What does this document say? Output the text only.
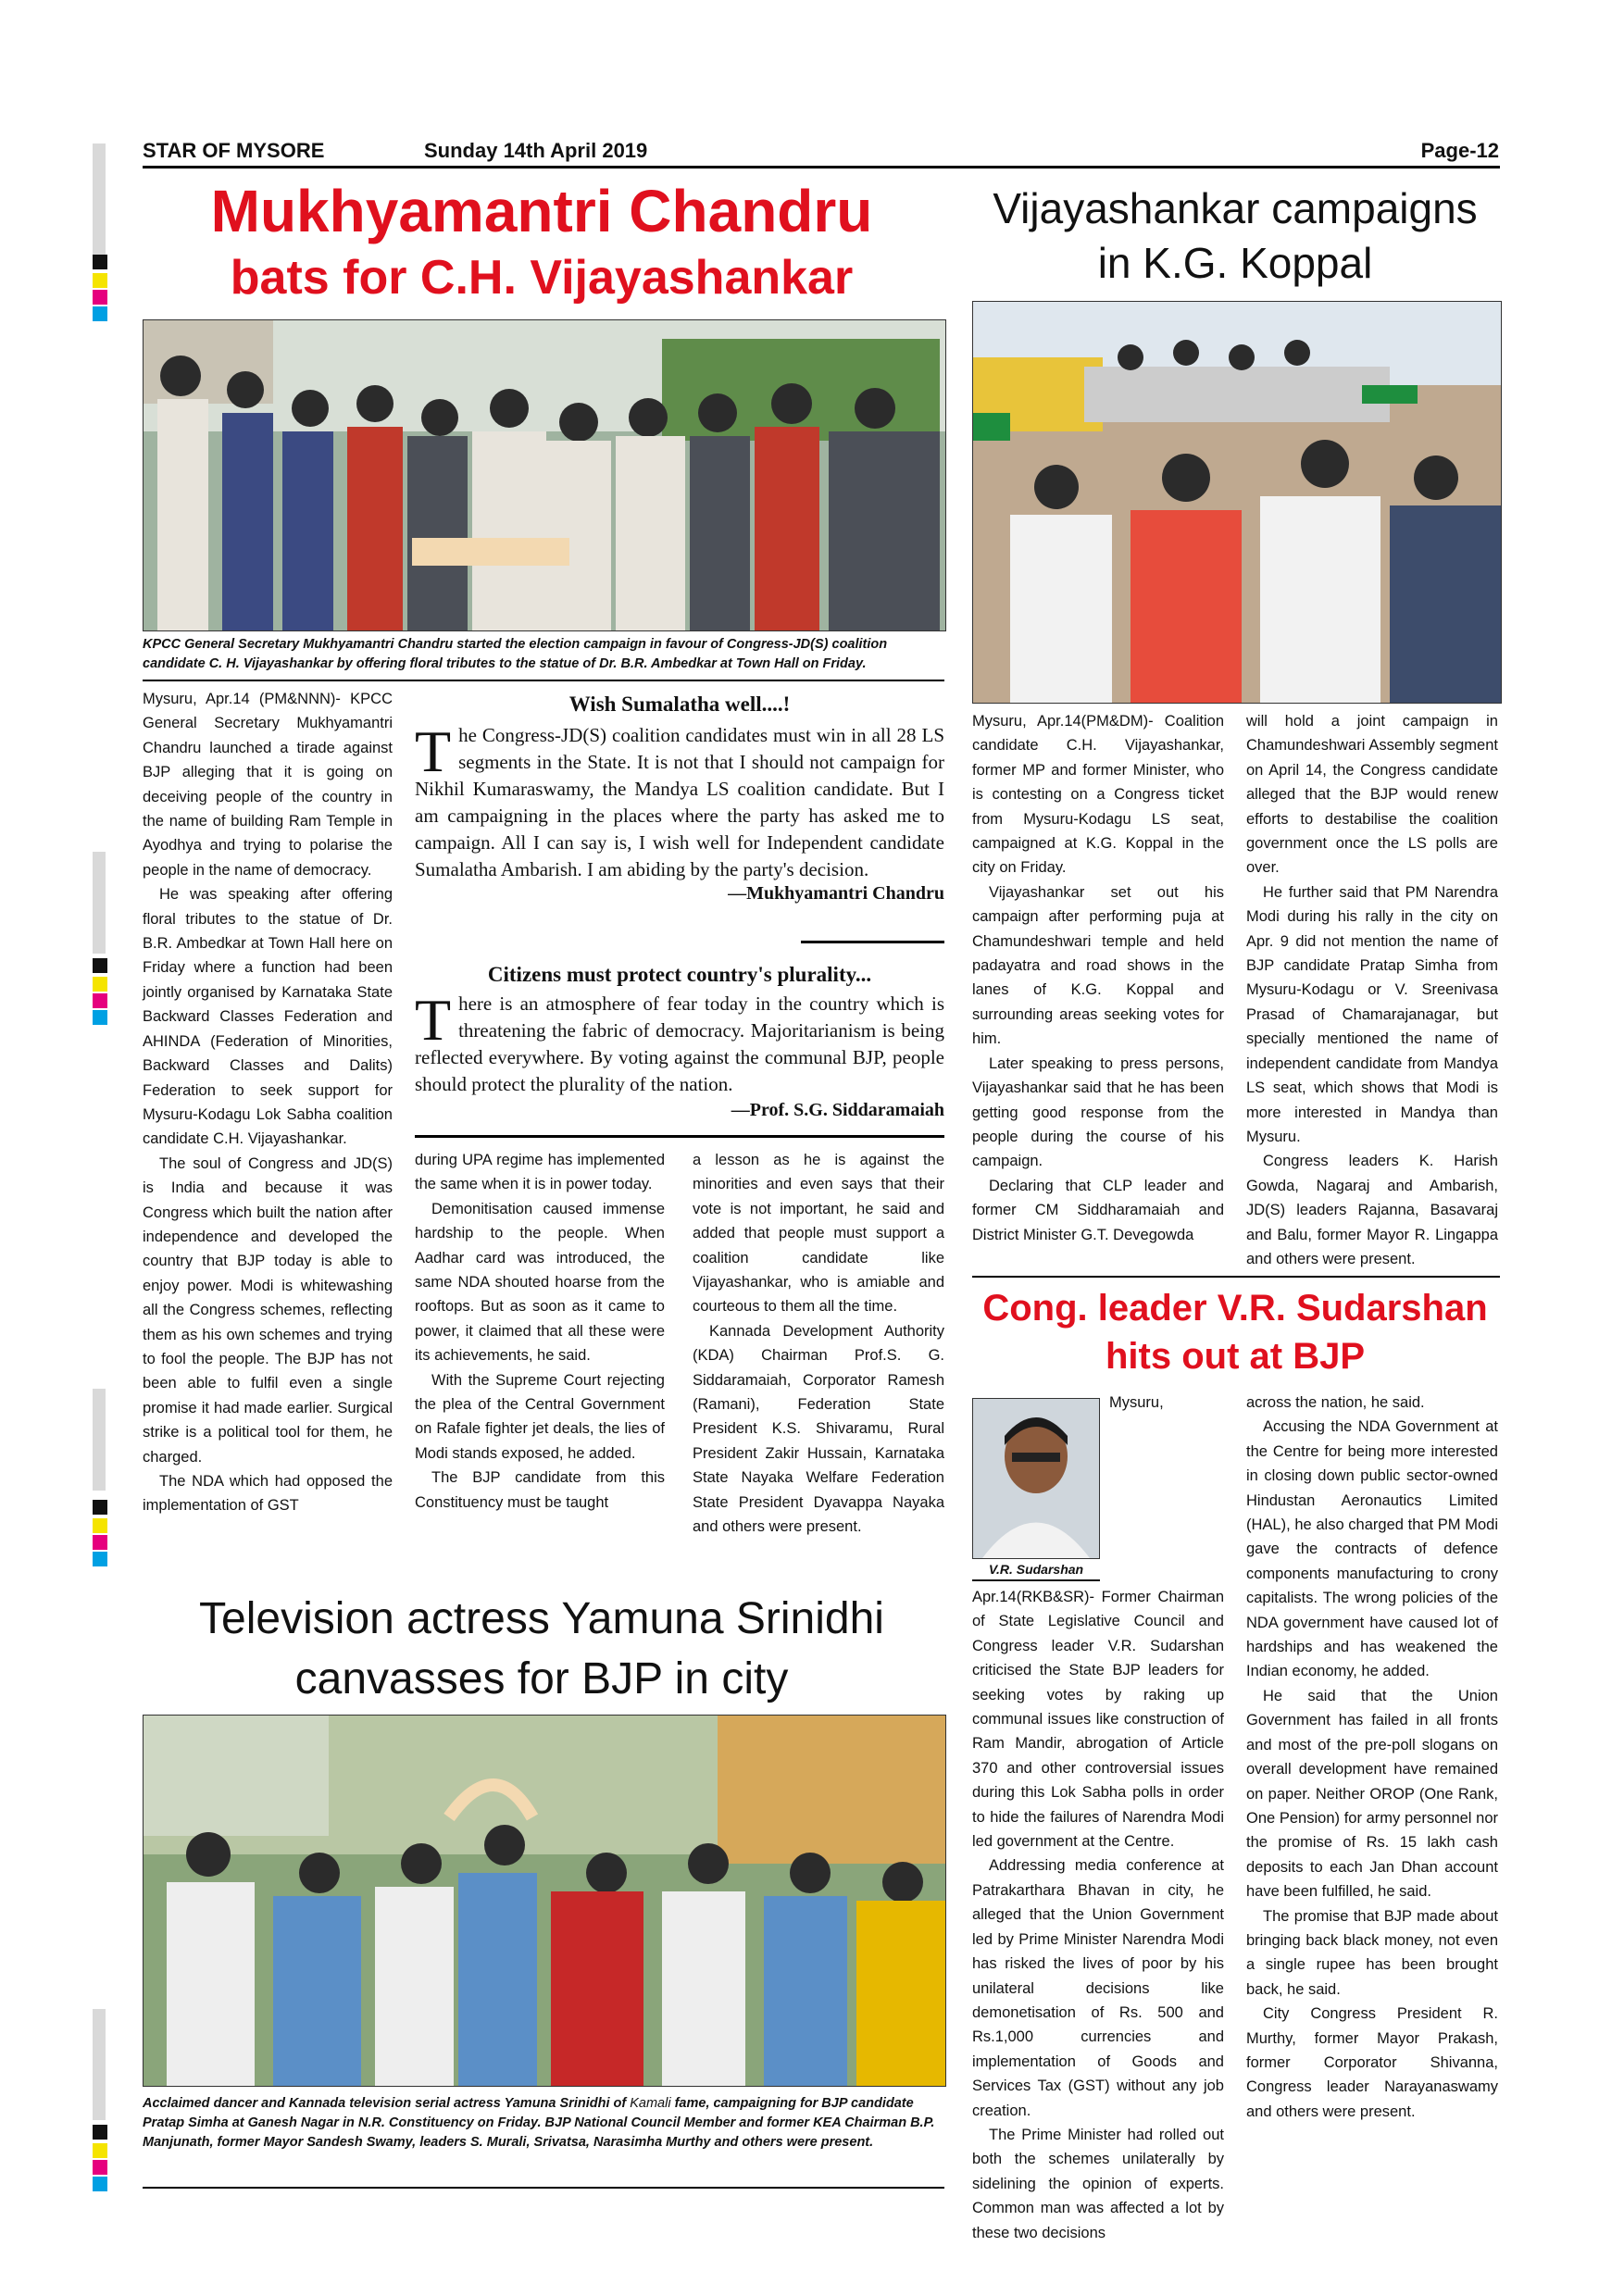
STAR OF MYSORE	Sunday 14th April 2019	Page-12
Mukhyamantri Chandru
bats for C.H. Vijayashankar
KPCC General Secretary Mukhyamantri Chandru started the election campaign in favour of Congress-JD(S) coalition candidate C. H. Vijayashankar by offering floral tributes to the statue of Dr. B.R. Ambedkar at Town Hall on Friday.

Mysuru, Apr.14 (PM&NNN)- KPCC General Secretary Mukhyamantri Chandru launched a tirade against BJP alleging that it is going on deceiving people of the country in the name of building Ram Temple in Ayodhya and trying to polarise the people in the name of democracy.

He was speaking after offering floral tributes to the statue of Dr. B.R. Ambedkar at Town Hall here on Friday where a function had been jointly organised by Karnataka State Backward Classes Federation and AHINDA (Federation of Minorities, Backward Classes and Dalits) Federation to seek support for Mysuru-Kodagu Lok Sabha coalition candidate C.H. Vijayashankar.

The soul of Congress and JD(S) is India and because it was Congress which built the nation after independence and developed the country that BJP today is able to enjoy power. Modi is whitewashing all the Congress schemes, reflecting them as his own schemes and trying to fool the people. The BJP has not been able to fulfil even a single promise it had made earlier. Surgical strike is a political tool for them, he charged.

The NDA which had opposed the implementation of GST

Wish Sumalatha well....!
T he Congress-JD(S) coalition candidates must win in all 28 LS segments in the State. It is not that I should not campaign for Nikhil Kumaraswamy, the Mandya LS coalition candidate. But I am campaigning in the places where the party has asked me to campaign. All I can say is, I wish well for Independent candidate Sumalatha Ambarish. I am abiding by the party's decision.
—Mukhyamantri Chandru
Citizens must protect country's plurality...
T here is an atmosphere of fear today in the country which is threatening the fabric of democracy. Majoritarianism is being reflected everywhere. By voting against the communal BJP, people should protect the plurality of the nation.
—Prof. S.G. Siddaramaiah

during UPA regime has implemented the same when it is in power today.

Demonitisation caused immense hardship to the people. When Aadhar card was introduced, the same NDA shouted hoarse from the rooftops. But as soon as it came to power, it claimed that all these were its achievements, he said.

With the Supreme Court rejecting the plea of the Central Government on Rafale fighter jet deals, the lies of Modi stands exposed, he added.

The BJP candidate from this Constituency must be taught

a lesson as he is against the minorities and even says that their vote is not important, he said and added that people must support a coalition candidate like Vijayashankar, who is amiable and courteous to them all the time.

Kannada Development Authority (KDA) Chairman Prof.S. G. Siddaramaiah, Corporator Ramesh (Ramani), Federation State President K.S. Shivaramu, Rural President Zakir Hussain, Karnataka State Nayaka Welfare Federation State President Dyavappa Nayaka and others were present.

Television actress Yamuna Srinidhi
canvasses for BJP in city
Acclaimed dancer and Kannada television serial actress Yamuna Srinidhi of Kamali fame, campaigning for BJP candidate Pratap Simha at Ganesh Nagar in N.R. Constituency on Friday. BJP National Council Member and former KEA Chairman B.P. Manjunath, former Mayor Sandesh Swamy, leaders S. Murali, Srivatsa, Narasimha Murthy and others were present.
Vijayashankar campaigns
in K.G. Koppal

Mysuru, Apr.14(PM&DM)- Coalition candidate C.H. Vijayashankar, former MP and former Minister, who is contesting on a Congress ticket from Mysuru-Kodagu LS seat, campaigned at K.G. Koppal in the city on Friday.

Vijayashankar set out his campaign after performing puja at Chamundeshwari temple and held padayatra and road shows in the lanes of K.G. Koppal and surrounding areas seeking votes for him.

Later speaking to press persons, Vijayashankar said that he has been getting good response from the people during the course of his campaign.

Declaring that CLP leader and former CM Siddharamaiah and District Minister G.T. Devegowda

will hold a joint campaign in Chamundeshwari Assembly segment on April 14, the Congress candidate alleged that the BJP would renew efforts to destabilise the coalition government once the LS polls are over.

He further said that PM Narendra Modi during his rally in the city on Apr. 9 did not mention the name of BJP candidate Pratap Simha from Mysuru-Kodagu or V. Sreenivasa Prasad of Chamarajanagar, but specially mentioned the name of independent candidate from Mandya LS seat, which shows that Modi is more interested in Mandya than Mysuru.

Congress leaders K. Harish Gowda, Nagaraj and Ambarish, JD(S) leaders Rajanna, Basavaraj and Balu, former Mayor R. Lingappa and others were present.

Cong. leader V.R. Sudarshan
hits out at BJP
V.R. Sudarshan

Mysuru, Apr.14(RKB&SR)- Former Chairman of State Legislative Council and Congress leader V.R. Sudarshan criticised the State BJP leaders for seeking votes by raking up communal issues like construction of Ram Mandir, abrogation of Article 370 and other controversial issues during this Lok Sabha polls in order to hide the failures of Narendra Modi led government at the Centre.

Addressing media conference at Patrakarthara Bhavan in city, he alleged that the Union Government led by Prime Minister Narendra Modi has risked the lives of poor by his unilateral decisions like demonetisation of Rs. 500 and Rs.1,000 currencies and implementation of Goods and Services Tax (GST) without any job creation.

The Prime Minister had rolled out both the schemes unilaterally by sidelining the opinion of experts. Common man was affected a lot by these two decisions

across the nation, he said.

Accusing the NDA Government at the Centre for being more interested in closing down public sector-owned Hindustan Aeronautics Limited (HAL), he also charged that PM Modi gave the contracts of defence components manufacturing to crony capitalists. The wrong policies of the NDA government have caused lot of hardships and has weakened the Indian economy, he added.

He said that the Union Government has failed in all fronts and most of the pre-poll slogans on overall development have remained on paper. Neither OROP (One Rank, One Pension) for army personnel nor the promise of Rs. 15 lakh cash deposits to each Jan Dhan account have been fulfilled, he said.

The promise that BJP made about bringing back black money, not even a single rupee has been brought back, he said.

City Congress President R. Murthy, former Mayor Prakash, former Corporator Shivanna, Congress leader Narayanaswamy and others were present.
